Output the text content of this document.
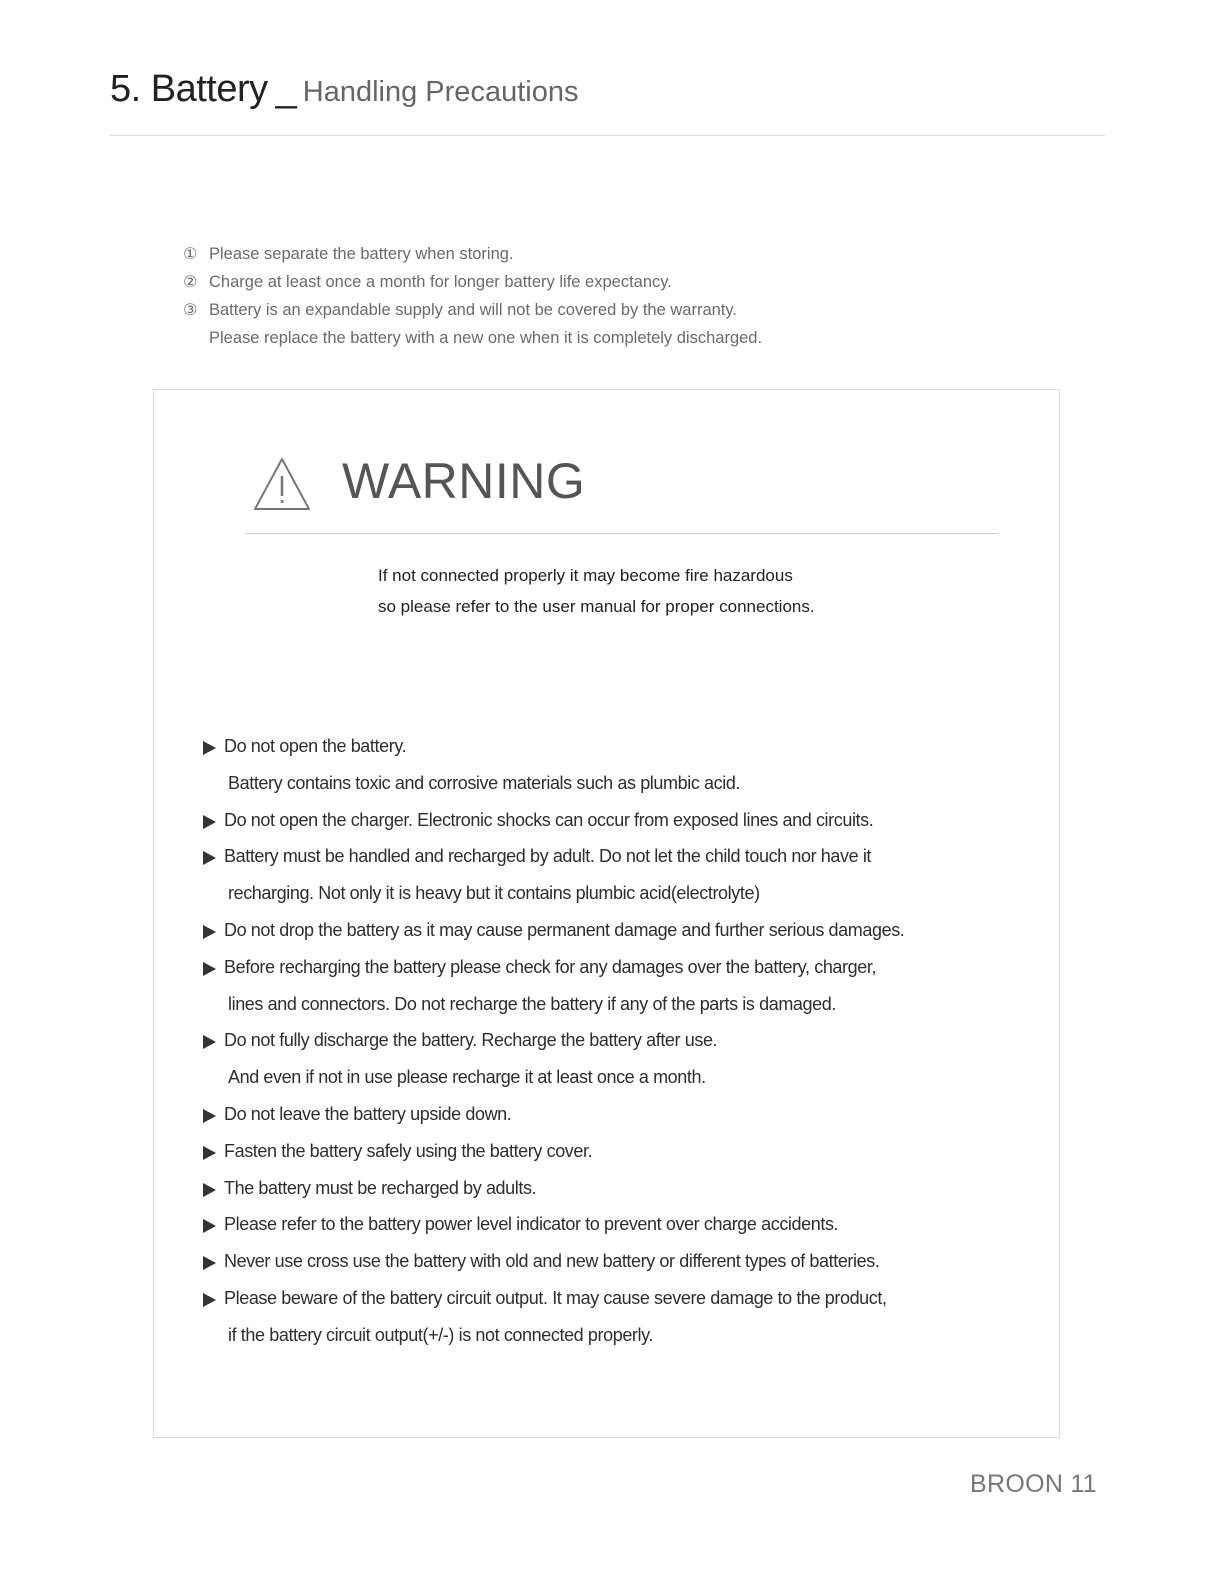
5. Battery _ Handling Precautions
① Please separate the battery when storing.
② Charge at least once a month for longer battery life expectancy.
③ Battery is an expandable supply and will not be covered by the warranty.
Please replace the battery with a new one when it is completely discharged.
WARNING
If not connected properly it may become fire hazardous
so please refer to the user manual for proper connections.
Do not open the battery.
Battery contains toxic and corrosive materials such as plumbic acid.
Do not open the charger. Electronic shocks can occur from exposed lines and circuits.
Battery must be handled and recharged by adult. Do not let the child touch nor have it
recharging. Not only it is heavy but it contains plumbic acid(electrolyte)
Do not drop the battery as it may cause permanent damage and further serious damages.
Before recharging the battery please check for any damages over the battery, charger,
lines and connectors. Do not recharge the battery if any of the parts is damaged.
Do not fully discharge the battery. Recharge the battery after use.
And even if not in use please recharge it at least once a month.
Do not leave the battery upside down.
Fasten the battery safely using the battery cover.
The battery must be recharged by adults.
Please refer to the battery power level indicator to prevent over charge accidents.
Never use cross use the battery with old and new battery or different types of batteries.
Please beware of the battery circuit output. It may cause severe damage to the product,
if the battery circuit output(+/-) is not connected properly.
BROON 11
